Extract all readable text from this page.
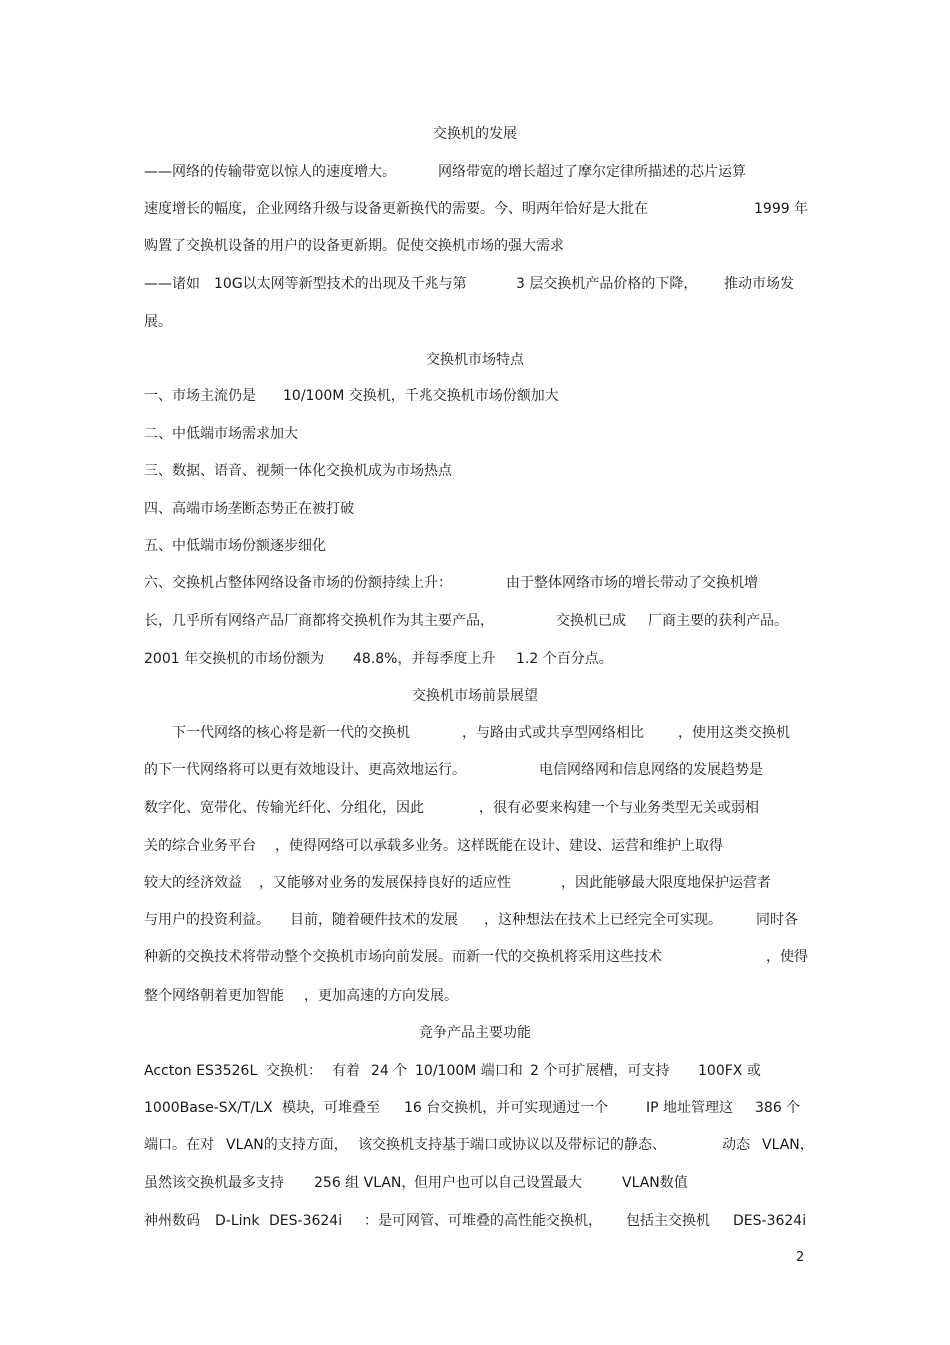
交换机的发展
——网络的传输带宽以惊人的速度增大。	网络带宽的增长超过了摩尔定律所描述的芯片运算
速度增长的幅度，企业网络升级与设备更新换代的需要。今、明两年恰好是大批在	1999 年
购置了交换机设备的用户的设备更新期。促使交换机市场的强大需求
——诸如 10G以太网等新型技术的出现及千兆与第	3 层交换机产品价格的下降， 推动市场发
展。
交换机市场特点
一、市场主流仍是 10/100M 交换机，千兆交换机市场份额加大
二、中低端市场需求加大
三、数据、语音、视频一体化交换机成为市场热点
四、高端市场垄断态势正在被打破
五、中低端市场份额逐步细化
六、交换机占整体网络设备市场的份额持续上升：	由于整体网络市场的增长带动了交换机增
长，几乎所有网络产品厂商都将交换机作为其主要产品，	交换机已成 厂商主要的获利产品。
2001 年交换机的市场份额为 48.8%，并每季度上升 1.2 个百分点。
交换机市场前景展望
下一代网络的核心将是新一代的交换机	，与路由式或共享型网络相比 ，使用这类交换机
的下一代网络将可以更有效地设计、更高效地运行。	电信网络网和信息网络的发展趋势是
数字化、宽带化、传输光纤化、分组化，因此	，很有必要来构建一个与业务类型无关或弱相
关的综合业务平台 ，使得网络可以承载多业务。这样既能在设计、建设、运营和维护上取得
较大的经济效益 ，又能够对业务的发展保持良好的适应性	，因此能够最大限度地保护运营者
与用户的投资利益。 目前，随着硬件技术的发展 ，这种想法在技术上已经完全可实现。 同时各
种新的交换技术将带动整个交换机市场向前发展。而新一代的交换机将采用这些技术	，使得
整个网络朝着更加智能 ，更加高速的方向发展。
竞争产品主要功能
Accton ES3526L 交换机： 有着 24 个 10/100M 端口和 2 个可扩展槽，可支持 100FX 或
1000Base-SX/T/LX 模块，可堆叠至 16 台交换机，并可实现通过一个	IP 地址管理这 386 个
端口。在对 VLAN的支持方面， 该交换机支持基于端口或协议以及带标记的静态、	动态 VLAN，
虽然该交换机最多支持 256 组 VLAN，
但用户也可以自己设置最大	VLAN数值
神州数码 D-Link DES-3624i ：是可网管、可堆叠的高性能交换机， 包括主交换机 DES-3624i
2
